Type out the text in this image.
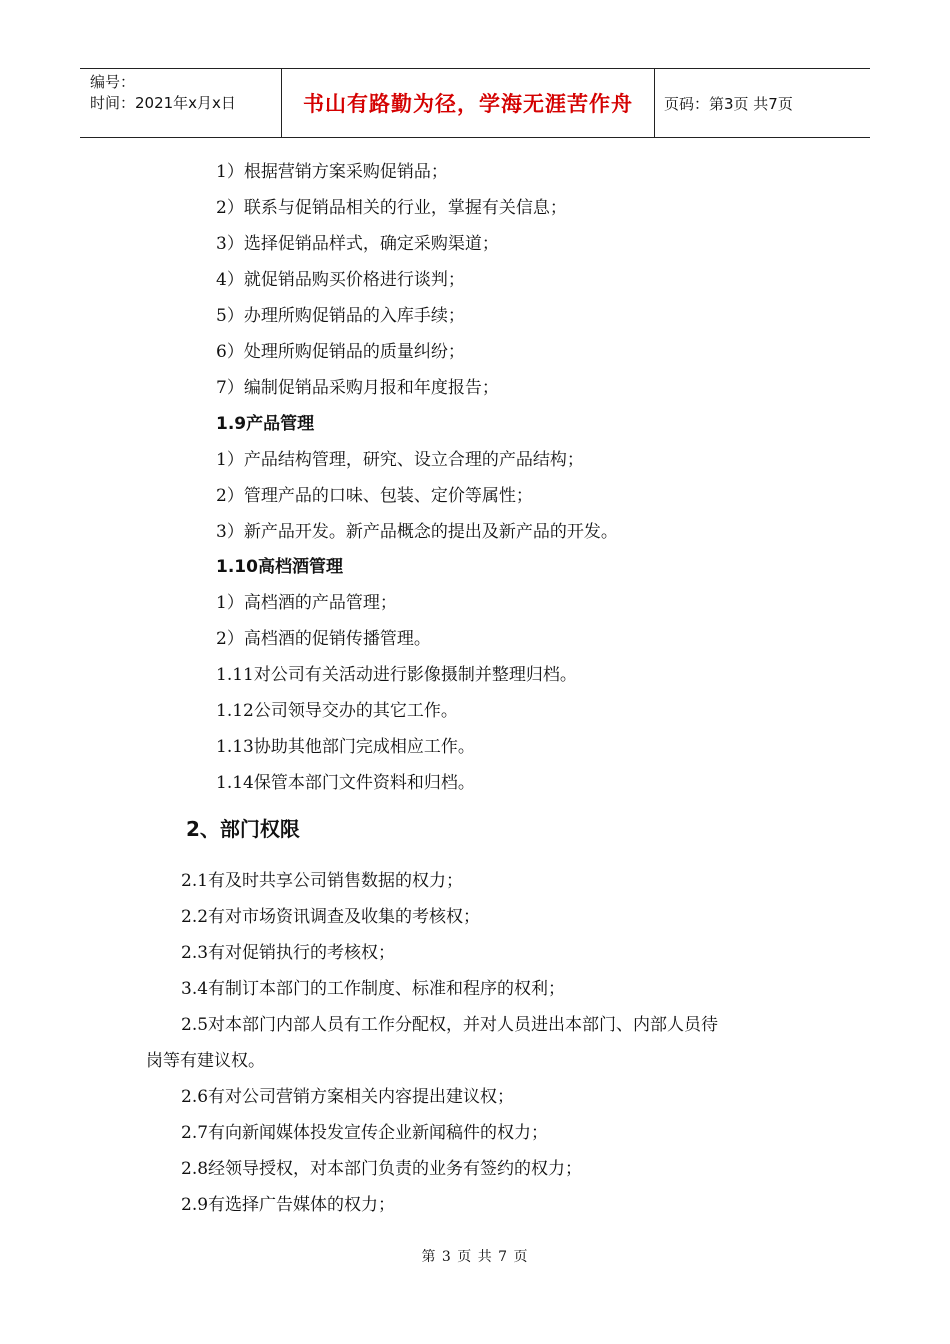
编号：
时间：2021年x月x日	书山有路勤为径，学海无涯苦作舟	页码：第3页 共7页
1）根据营销方案采购促销品；
2）联系与促销品相关的行业，掌握有关信息；
3）选择促销品样式，确定采购渠道；
4）就促销品购买价格进行谈判；
5）办理所购促销品的入库手续；
6）处理所购促销品的质量纠纷；
7）编制促销品采购月报和年度报告；
1.9产品管理
1）产品结构管理，研究、设立合理的产品结构；
2）管理产品的口味、包装、定价等属性；
3）新产品开发。新产品概念的提出及新产品的开发。
1.10高档酒管理
1）高档酒的产品管理；
2）高档酒的促销传播管理。
1.11对公司有关活动进行影像摄制并整理归档。
1.12公司领导交办的其它工作。
1.13协助其他部门完成相应工作。
1.14保管本部门文件资料和归档。
2、部门权限
2.1有及时共享公司销售数据的权力；
2.2有对市场资讯调查及收集的考核权；
2.3有对促销执行的考核权；
3.4有制订本部门的工作制度、标准和程序的权利；
2.5对本部门内部人员有工作分配权，并对人员进出本部门、内部人员待
岗等有建议权。
2.6有对公司营销方案相关内容提出建议权；
2.7有向新闻媒体投发宣传企业新闻稿件的权力；
2.8经领导授权，对本部门负责的业务有签约的权力；
2.9有选择广告媒体的权力；
第 3 页 共 7 页
